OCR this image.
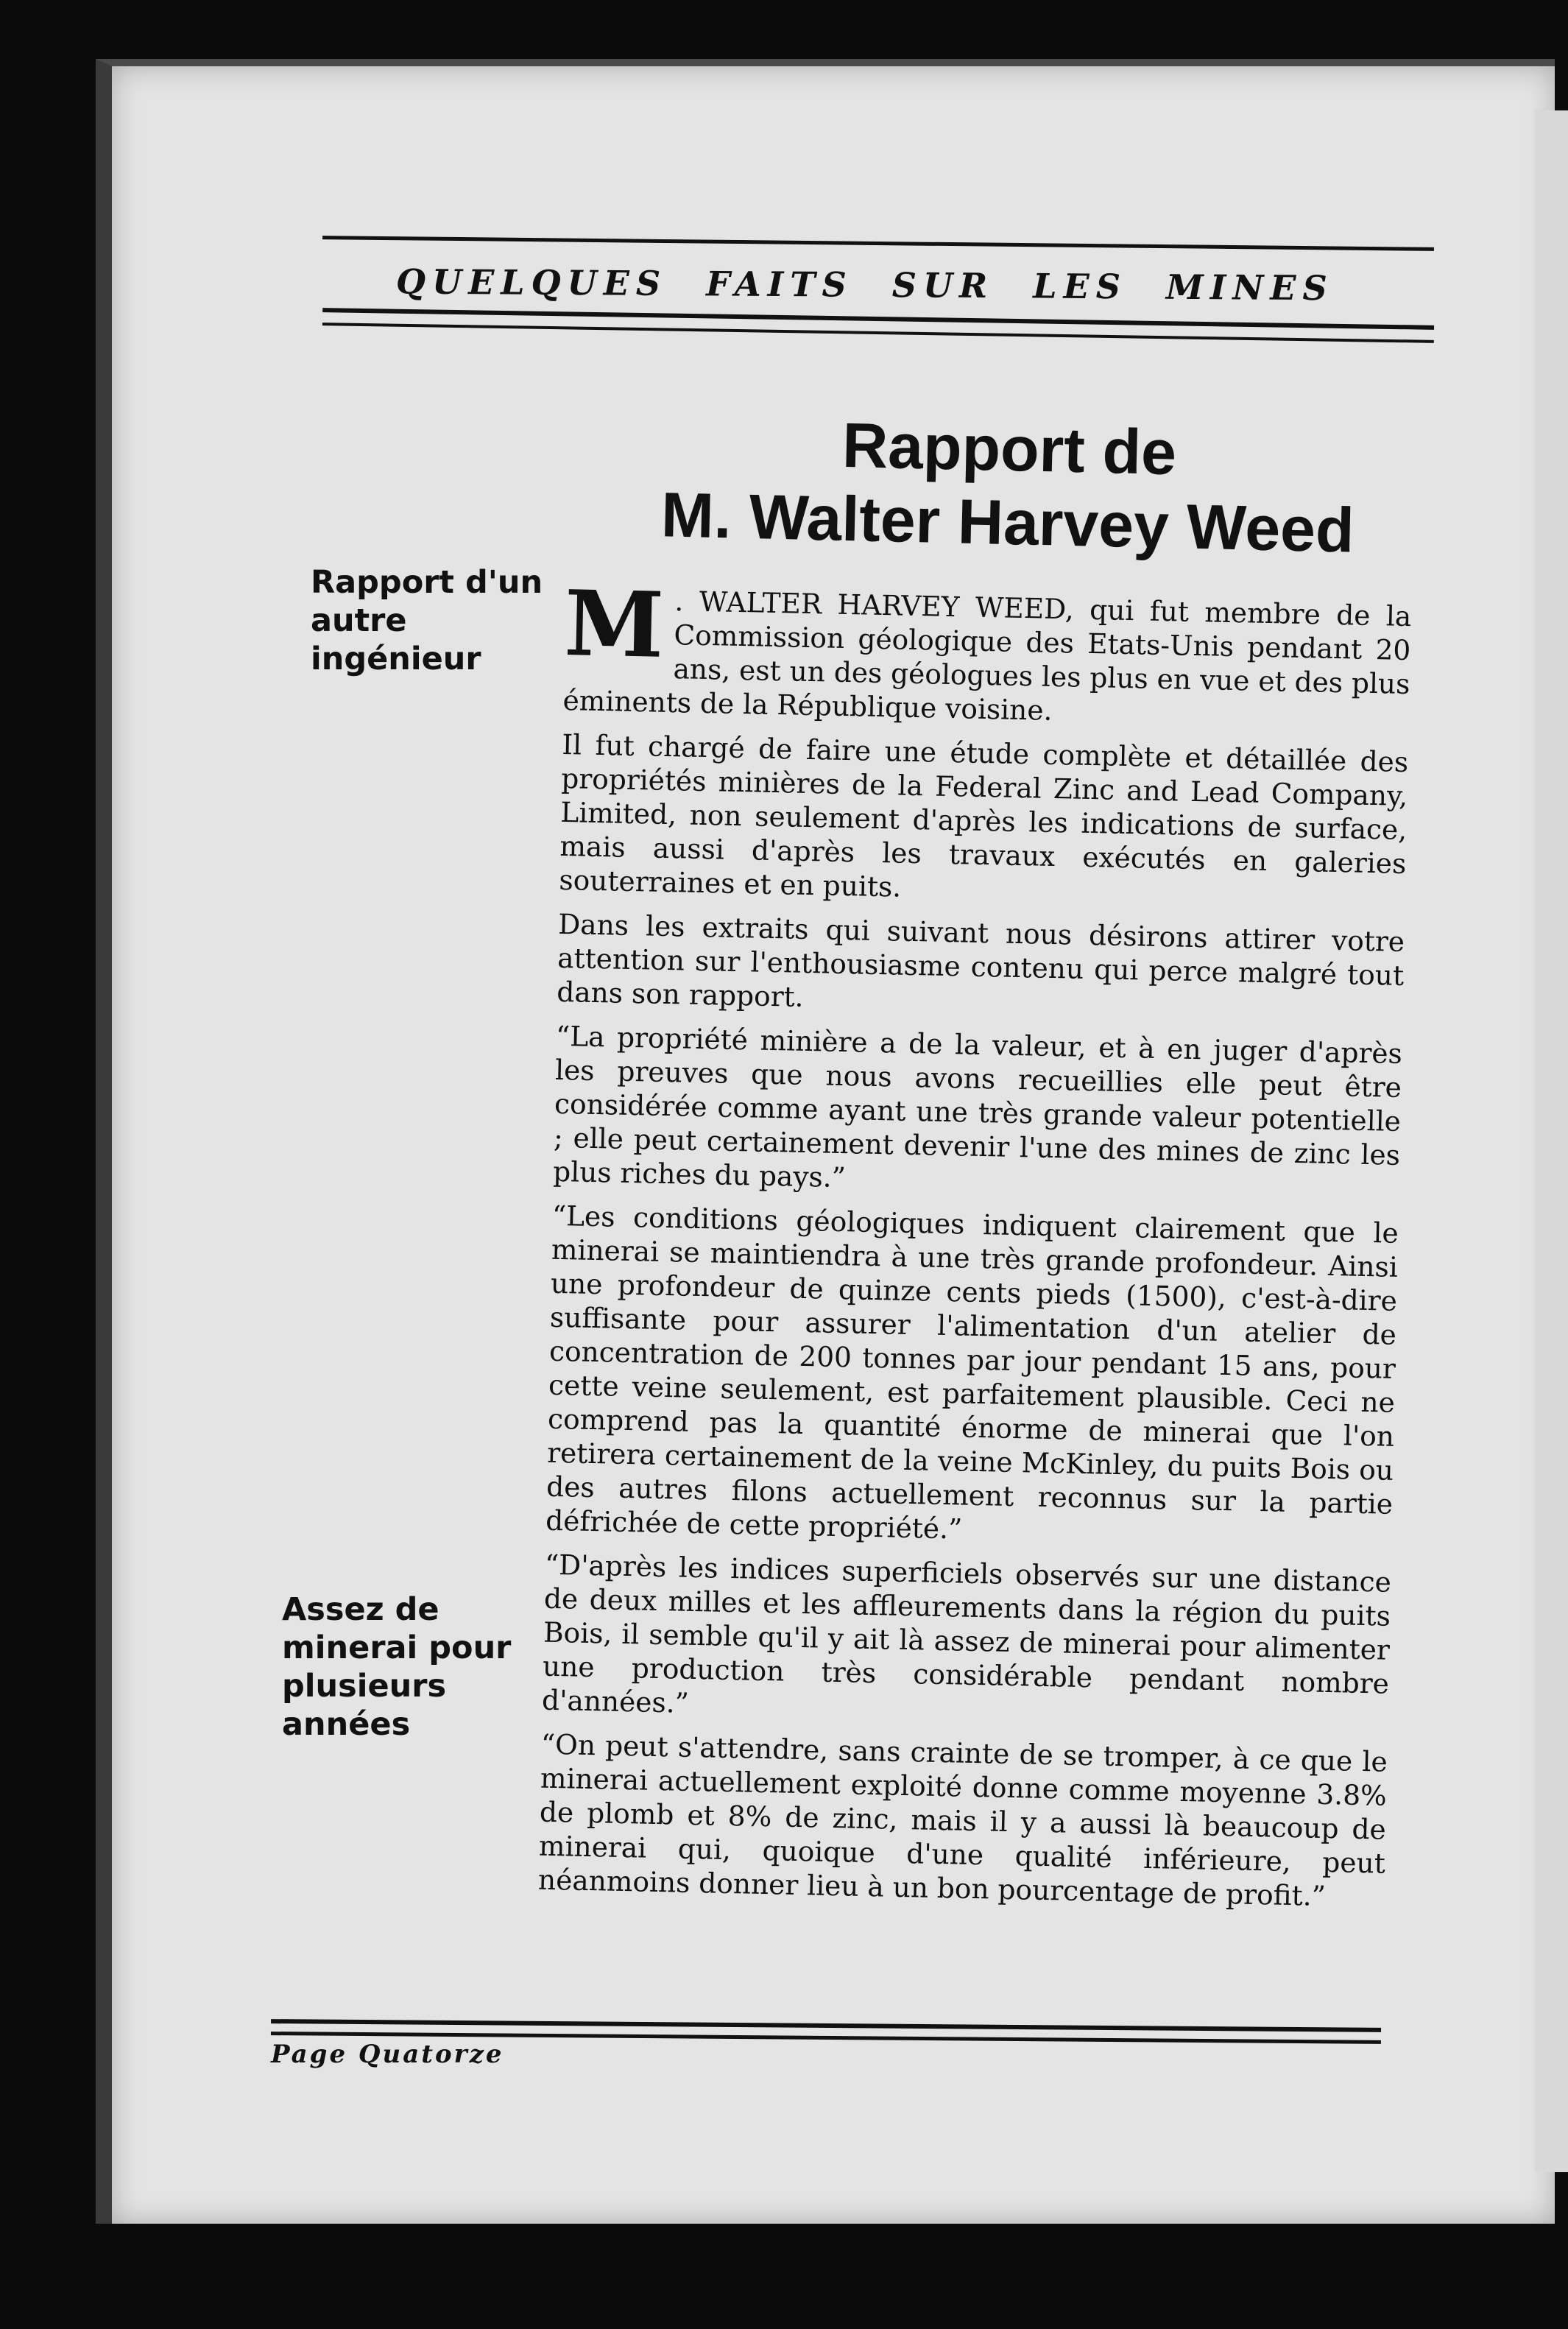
QUELQUES FAITS SUR LES MINES
Rapport de
M. Walter Harvey Weed
Rapport d'un autre ingénieur
Assez de minerai pour plusieurs années

M . WALTER HARVEY WEED, qui fut membre de la Commission géologique des Etats-Unis pendant 20 ans, est un des géologues les plus en vue et des plus éminents de la République voisine.

Il fut chargé de faire une étude complète et détaillée des propriétés minières de la Federal Zinc and Lead Company, Limited, non seulement d'après les indications de surface, mais aussi d'après les travaux exécutés en galeries souterraines et en puits.

Dans les extraits qui suivant nous désirons attirer votre attention sur l'enthousiasme contenu qui perce malgré tout dans son rapport.

“La propriété minière a de la valeur, et à en juger d'après les preuves que nous avons recueillies elle peut être considérée comme ayant une très grande valeur potentielle ; elle peut certainement devenir l'une des mines de zinc les plus riches du pays.”

“Les conditions géologiques indiquent clairement que le minerai se maintiendra à une très grande profondeur. Ainsi une profondeur de quinze cents pieds (1500), c'est-à-dire suffisante pour assurer l'alimentation d'un atelier de concentration de 200 tonnes par jour pendant 15 ans, pour cette veine seulement, est parfaitement plausible. Ceci ne comprend pas la quantité énorme de minerai que l'on retirera certainement de la veine McKinley, du puits Bois ou des autres filons actuellement reconnus sur la partie défrichée de cette propriété.”

“D'après les indices superficiels observés sur une distance de deux milles et les affleurements dans la région du puits Bois, il semble qu'il y ait là assez de minerai pour alimenter une production très considérable pendant nombre d'années.”

“On peut s'attendre, sans crainte de se tromper, à ce que le minerai actuellement exploité donne comme moyenne 3.8% de plomb et 8% de zinc, mais il y a aussi là beaucoup de minerai qui, quoique d'une qualité inférieure, peut néanmoins donner lieu à un bon pourcentage de profit.”

Page Quatorze
